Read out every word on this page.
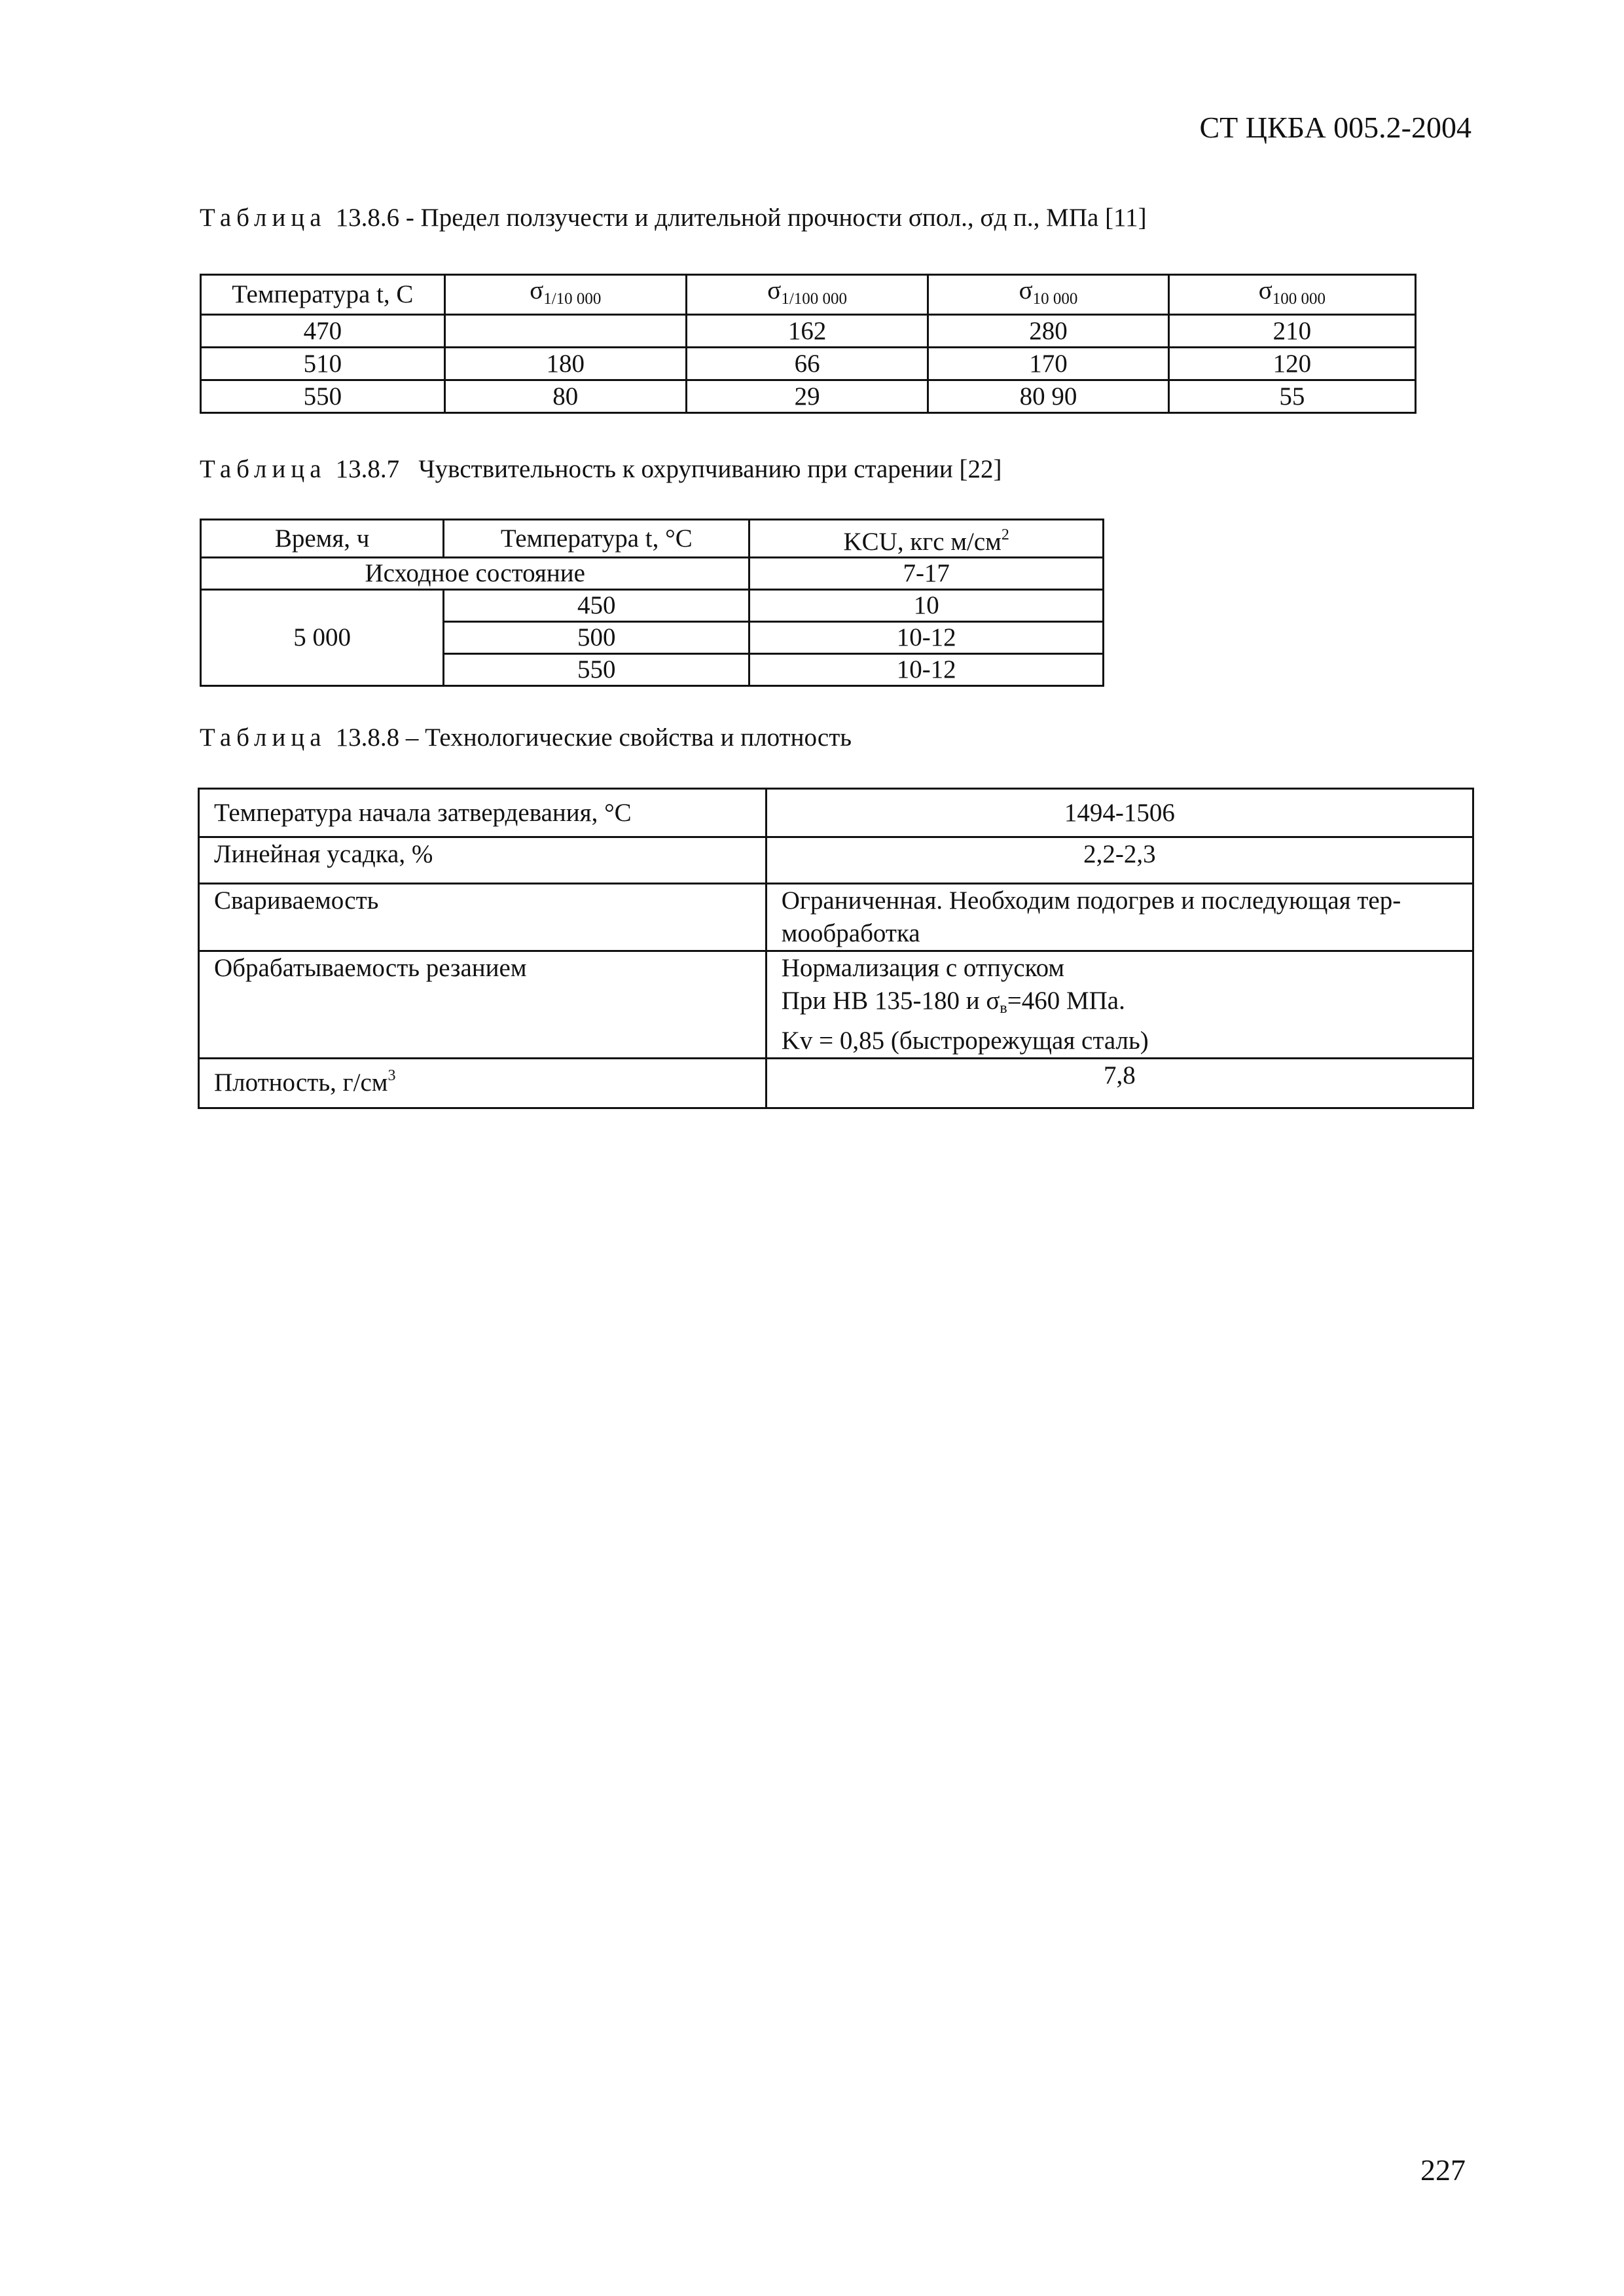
СТ ЦКБА 005.2-2004
Таблица 13.8.6 - Предел ползучести и длительной прочности σпол., σд п., МПа [11]
Температура t, С	$\sigma_{1/10 000}$	$\sigma_{1/100 000}$	$\sigma_{10 000}$	$\sigma_{100 000}$
470		162	280	210
510	180	66	170	120
550	80	29	80 90	55
Таблица 13.8.7 Чувствительность к охрупчиванию при старении [22]
Время, ч	Температура t, °С	KCU, кгс $м/см^2$
Исходное состояние		7-17
5 000	450	10
	500	10-12
	550	10-12
Таблица 13.8.8 – Технологические свойства и плотность
Температура начала затвердевания, °С	1494-1506
Линейная усадка, %	2,2-2,3
Свариваемость	Ограниченная. Необходим подогрев и последующая тер-мообработка
Обрабатываемость резанием	Нормализация с отпуском
При НВ 135-180 и $\sigma_в=460$ МПа.
Kv = 0,85 (быстрорежущая сталь)

Плотность, $г/см^3$	7,8
227
